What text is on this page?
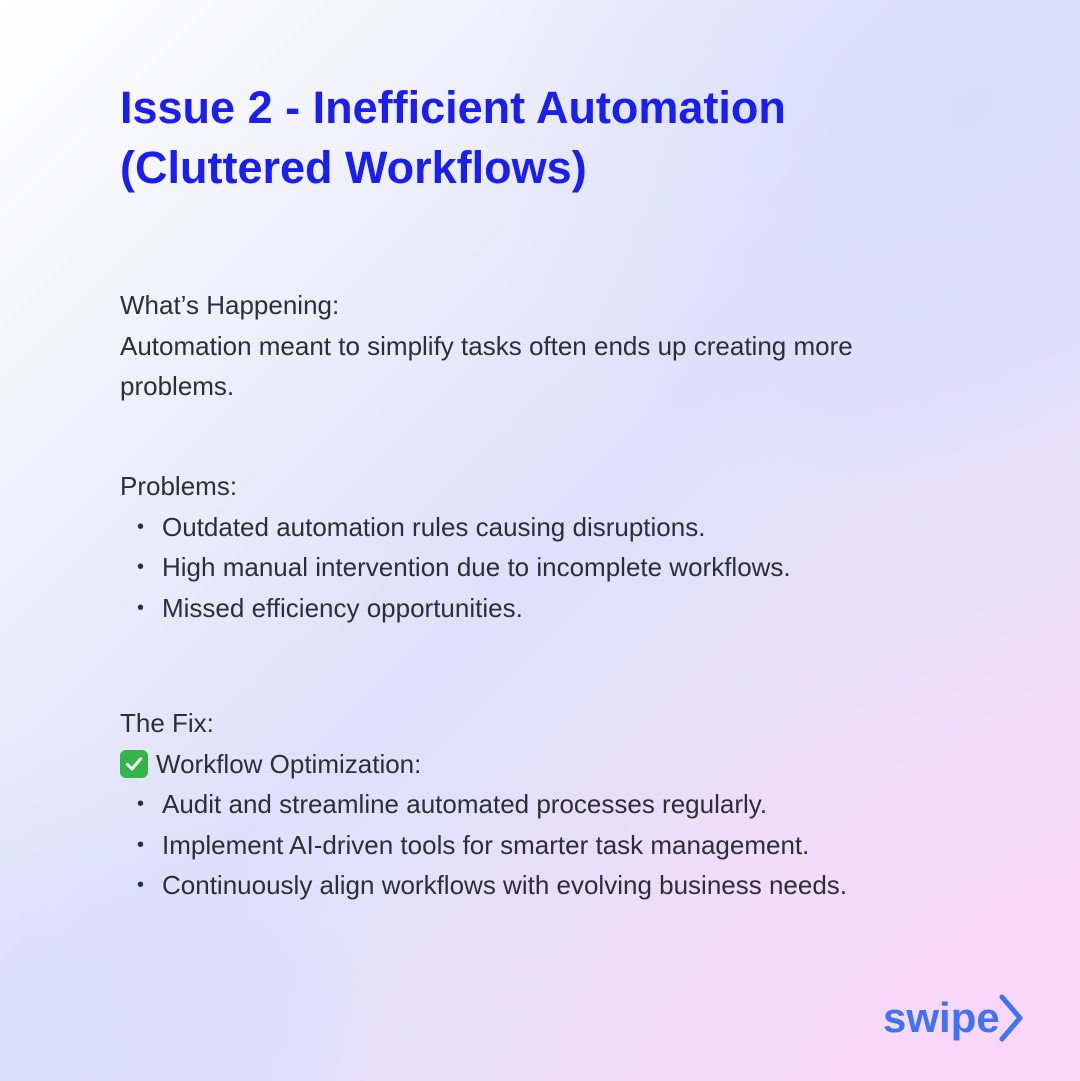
Issue 2 - Inefficient Automation
(Cluttered Workflows)

What’s Happening:

Automation meant to simplify tasks often ends up creating more

problems.

Problems:

• Outdated automation rules causing disruptions.
• High manual intervention due to incomplete workflows.
• Missed efficiency opportunities.

The Fix:

Workflow Optimization:

• Audit and streamline automated processes regularly.
• Implement AI-driven tools for smarter task management.
• Continuously align workflows with evolving business needs.
swipe
